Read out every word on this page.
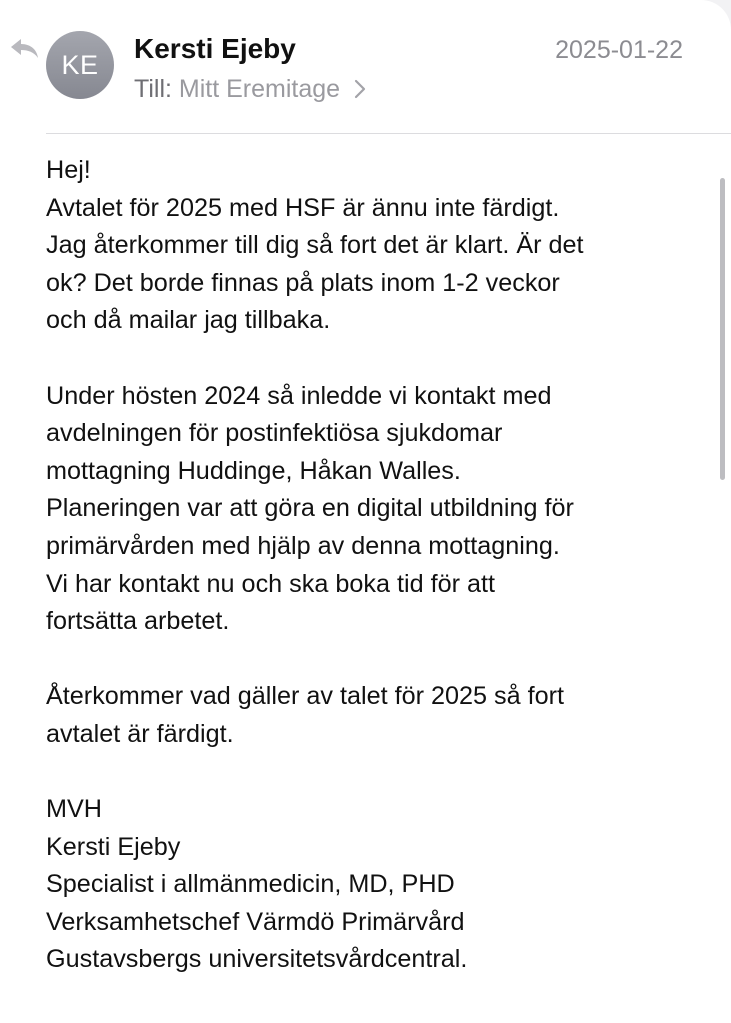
KE
Kersti Ejeby	2025-01-22
Till: Mitt Eremitage
Hej!
Avtalet för 2025 med HSF är ännu inte färdigt.
Jag återkommer till dig så fort det är klart. Är det
ok? Det borde finnas på plats inom 1-2 veckor
och då mailar jag tillbaka.
Under hösten 2024 så inledde vi kontakt med
avdelningen för postinfektiösa sjukdomar
mottagning Huddinge, Håkan Walles.
Planeringen var att göra en digital utbildning för
primärvården med hjälp av denna mottagning.
Vi har kontakt nu och ska boka tid för att
fortsätta arbetet.
Återkommer vad gäller av talet för 2025 så fort
avtalet är färdigt.
MVH
Kersti Ejeby
Specialist i allmänmedicin, MD, PHD
Verksamhetschef Värmdö Primärvård
Gustavsbergs universitetsvårdcentral.
